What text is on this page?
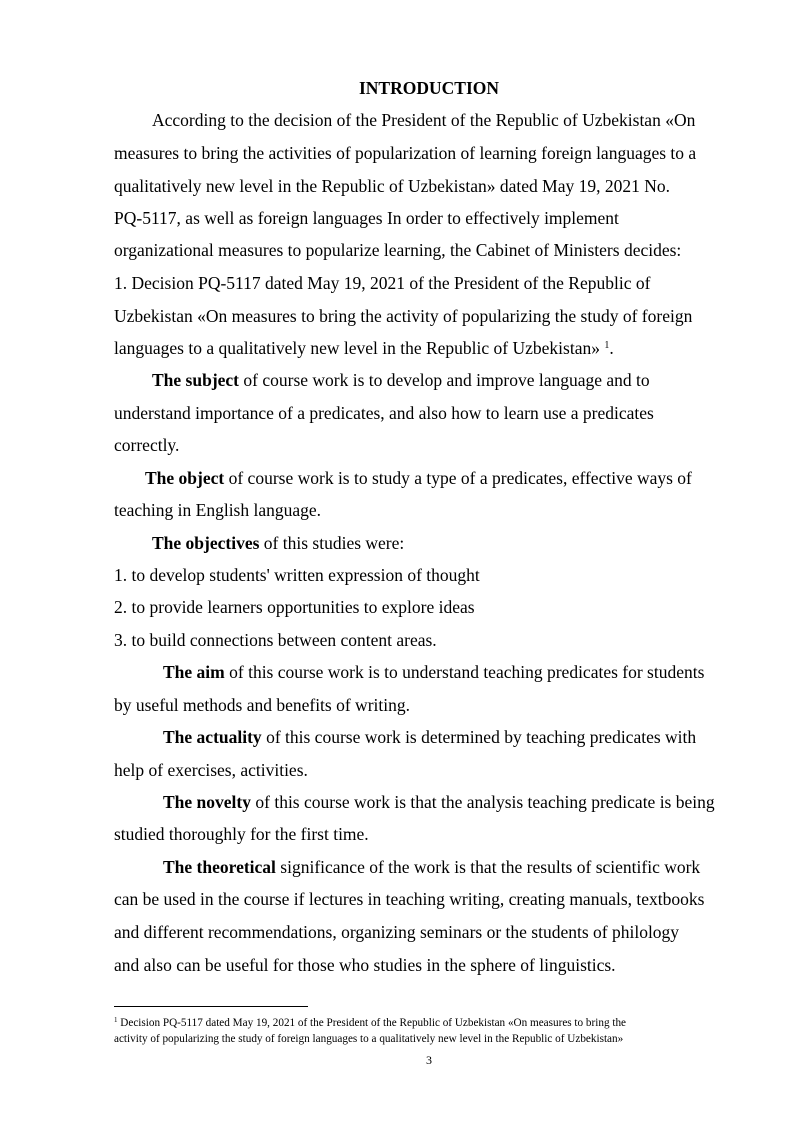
INTRODUCTION
According to the decision of the President of the Republic of Uzbekistan «On
measures to bring the activities of popularization of learning foreign languages to a
qualitatively new level in the Republic of Uzbekistan» dated May 19, 2021 No.
PQ-5117, as well as foreign languages In order to effectively implement
organizational measures to popularize learning, the Cabinet of Ministers decides:
1. Decision PQ-5117 dated May 19, 2021 of the President of the Republic of
Uzbekistan «On measures to bring the activity of popularizing the study of foreign
languages to a qualitatively new level in the Republic of Uzbekistan» $^1$.
The subject of course work is to develop and improve language and to
understand importance of a predicates, and also how to learn use a predicates
correctly.
The object of course work is to study a type of a predicates, effective ways of
teaching in English language.
The objectives of this studies were:
1. to develop students' written expression of thought
2. to provide learners opportunities to explore ideas
3. to build connections between content areas.
The aim of this course work is to understand teaching predicates for students
by useful methods and benefits of writing.
The actuality of this course work is determined by teaching predicates with
help of exercises, activities.
The novelty of this course work is that the analysis teaching predicate is being
studied thoroughly for the first time.
The theoretical significance of the work is that the results of scientific work
can be used in the course if lectures in teaching writing, creating manuals, textbooks
and different recommendations, organizing seminars or the students of philology
and also can be useful for those who studies in the sphere of linguistics.
$^1$ Decision PQ-5117 dated May 19, 2021 of the President of the Republic of Uzbekistan «On measures to bring the
activity of popularizing the study of foreign languages to a qualitatively new level in the Republic of Uzbekistan»
3
